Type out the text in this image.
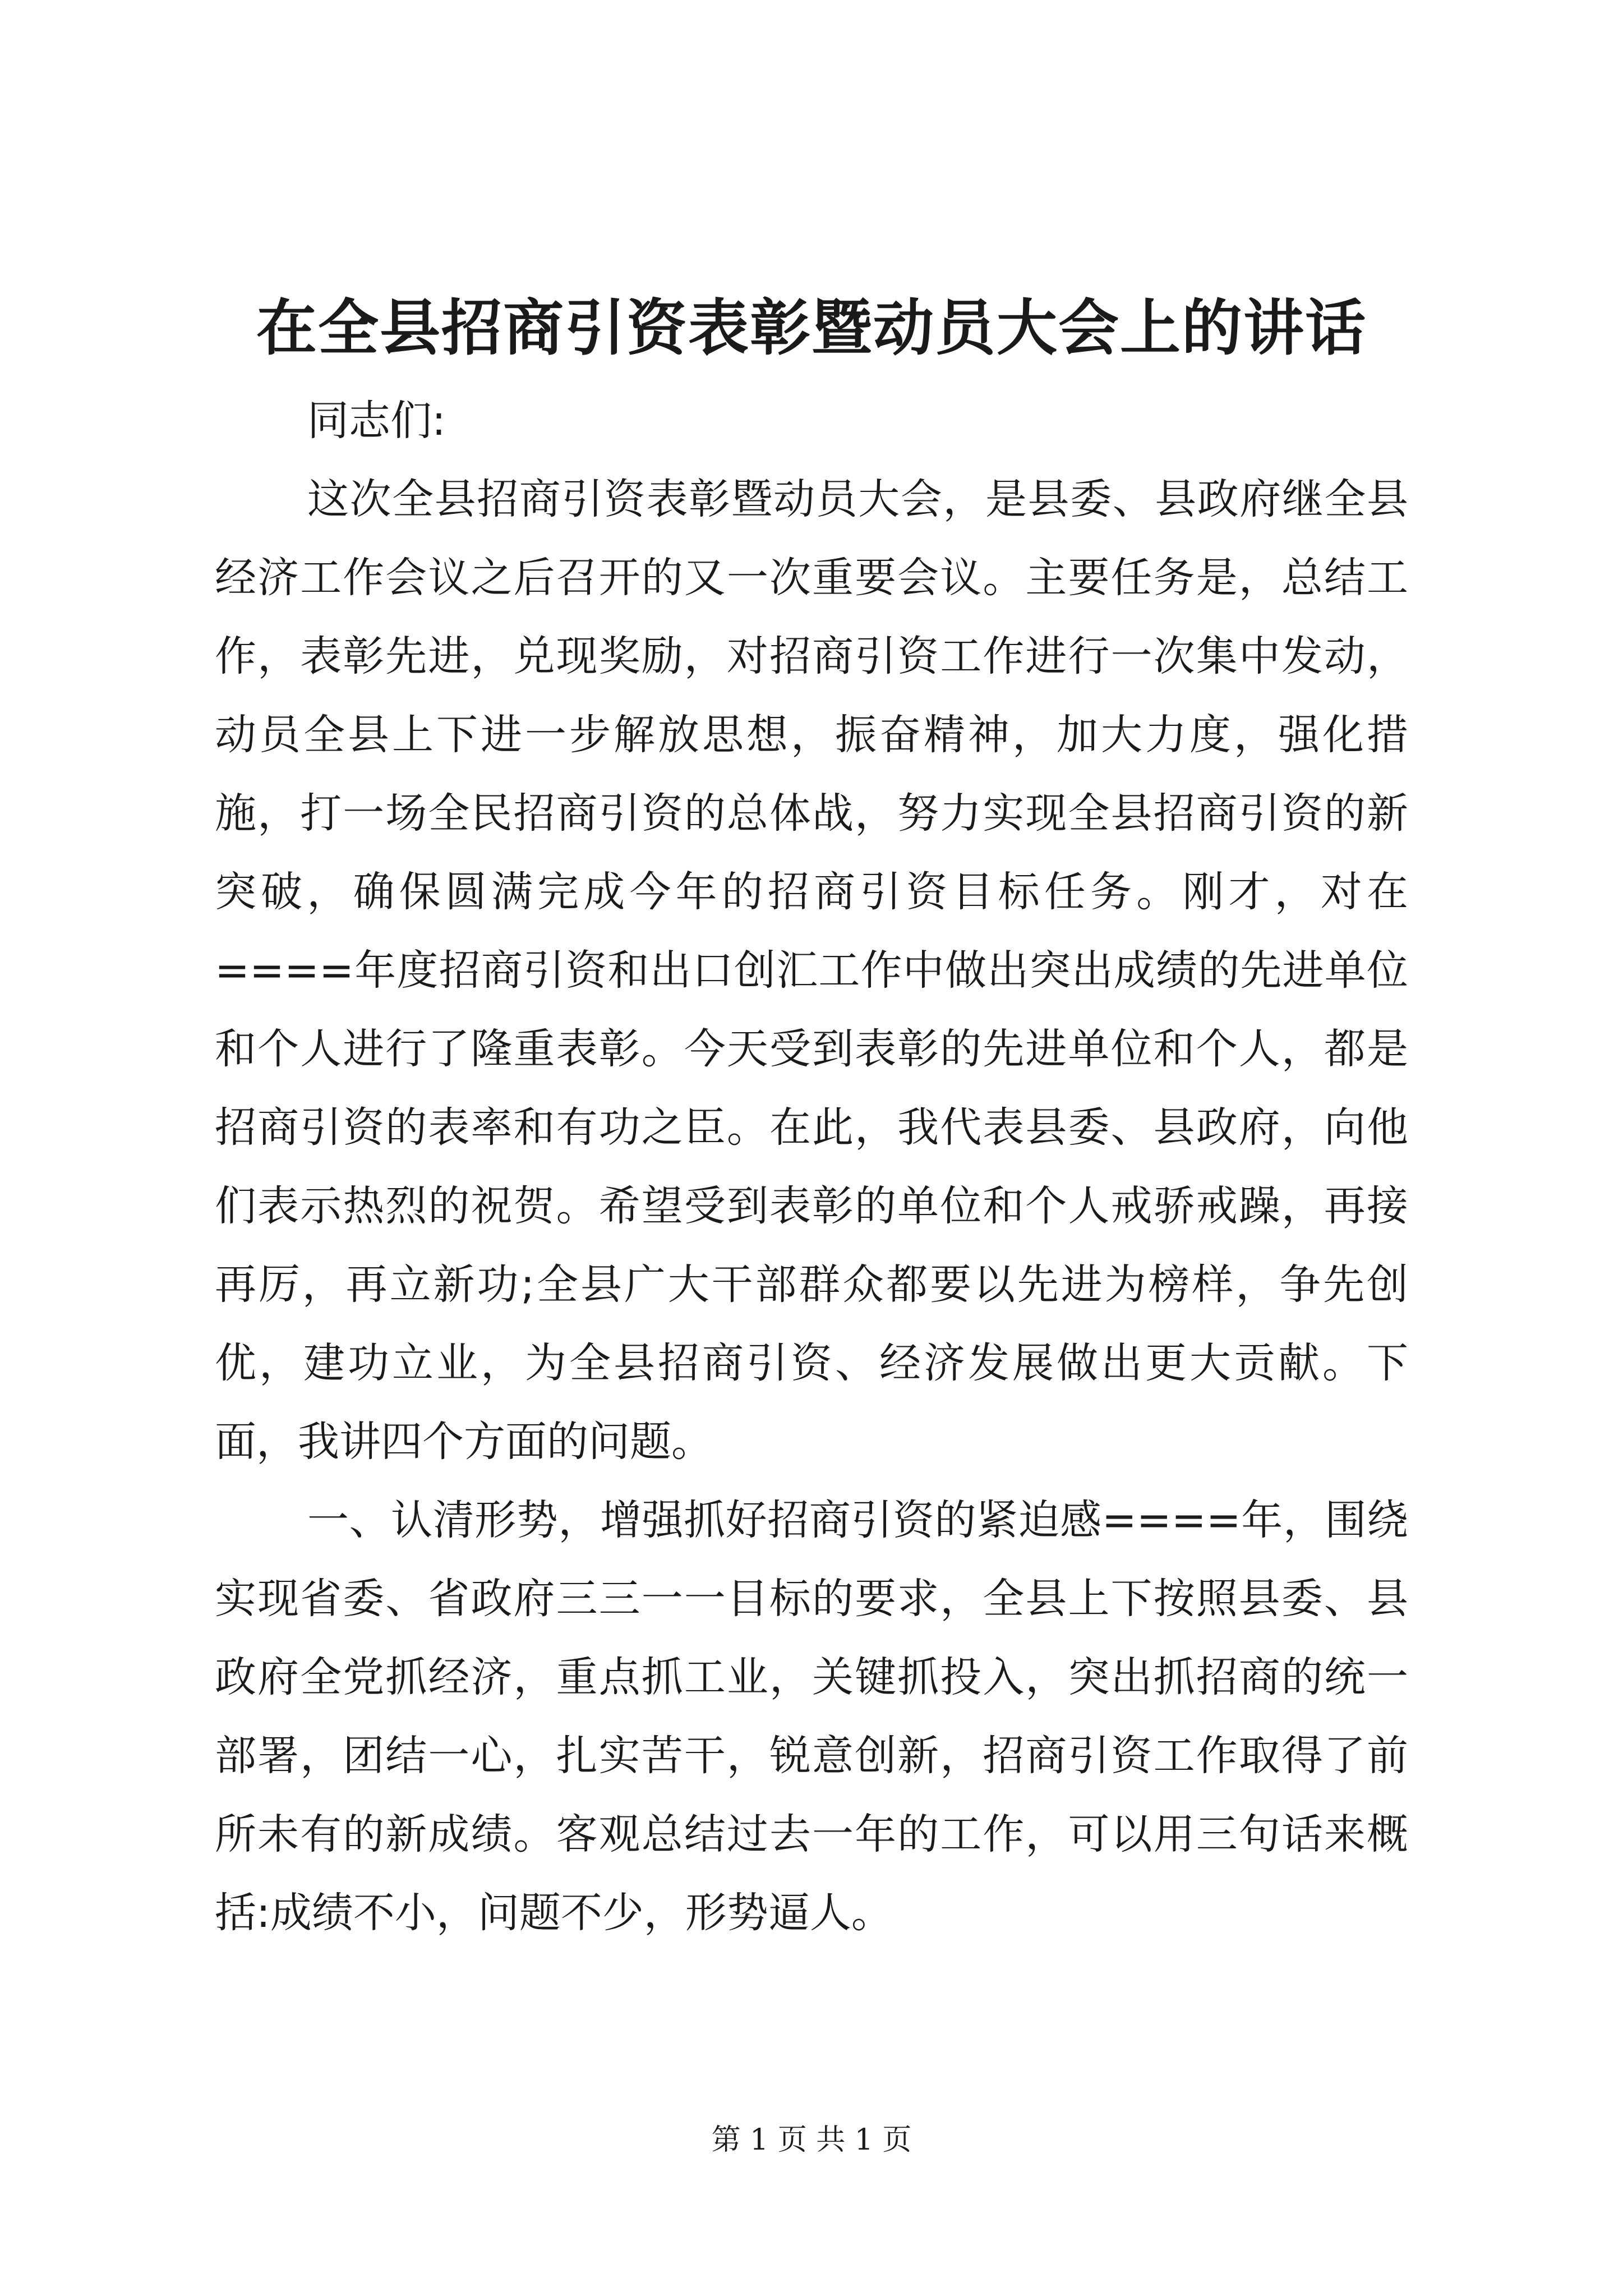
在全县招商引资表彰暨动员大会上的讲话

同志们:

这次全县招商引资表彰暨动员大会，是县委、县政府继全县经济工作会议之后召开的又一次重要会议。主要任务是，总结工作，表彰先进，兑现奖励，对招商引资工作进行一次集中发动，动员全县上下进一步解放思想，振奋精神，加大力度，强化措施，打一场全民招商引资的总体战，努力实现全县招商引资的新突破，确保圆满完成今年的招商引资目标任务。刚才，对在====年度招商引资和出口创汇工作中做出突出成绩的先进单位和个人进行了隆重表彰。今天受到表彰的先进单位和个人，都是招商引资的表率和有功之臣。在此，我代表县委、县政府，向他们表示热烈的祝贺。希望受到表彰的单位和个人戒骄戒躁，再接再厉，再立新功;全县广大干部群众都要以先进为榜样，争先创优，建功立业，为全县招商引资、经济发展做出更大贡献。下面，我讲四个方面的问题。

一、认清形势，增强抓好招商引资的紧迫感====年，围绕实现省委、省政府三三一一目标的要求，全县上下按照县委、县政府全党抓经济，重点抓工业，关键抓投入，突出抓招商的统一部署，团结一心，扎实苦干，锐意创新，招商引资工作取得了前所未有的新成绩。客观总结过去一年的工作，可以用三句话来概括:成绩不小，问题不少，形势逼人。

第 1 页 共 1 页
